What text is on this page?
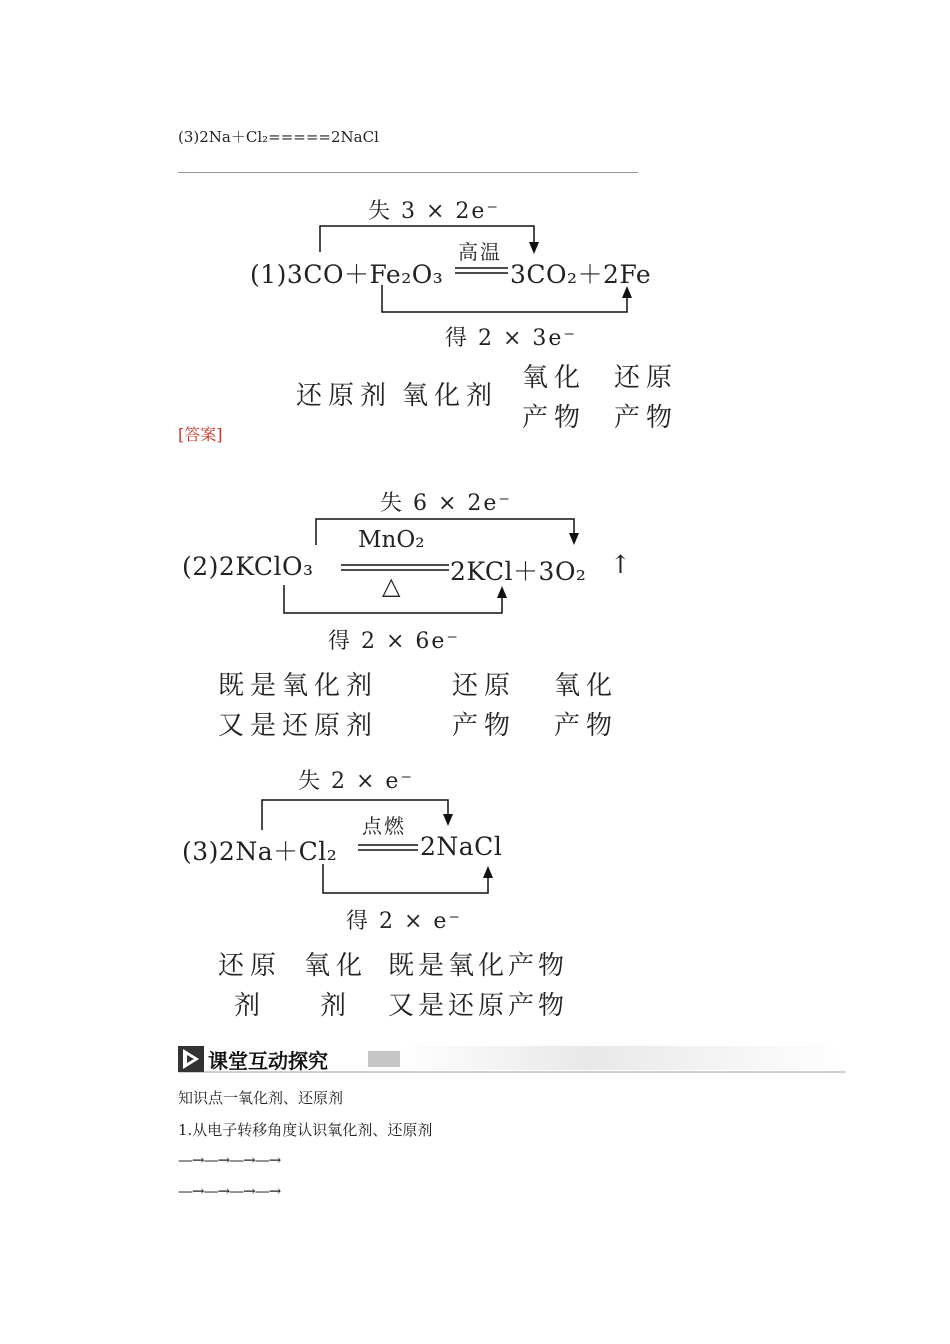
(3)2Na＋Cl₂=====2NaCl
失 3 × 2e⁻
高温
(1)3CO＋Fe₂O₃	3CO₂＋2Fe
得 2 × 3e⁻
还原剂 氧化剂
氧化
产物
还原
产物
[答案]
失 6 × 2e⁻
MnO₂
△
(2)2KClO₃	2KCl＋3O₂ ↑
得 2 × 6e⁻
既是氧化剂
又是还原剂
还原
产物
氧化
产物
失 2 × e⁻
点燃
(3)2Na＋Cl₂	2NaCl
得 2 × e⁻
还原
剂
氧化
剂
既是氧化产物
又是还原产物
课堂互动探究
知识点一氧化剂、还原剂
1.从电子转移角度认识氧化剂、还原剂
—→—→—→—→
—→—→—→—→
